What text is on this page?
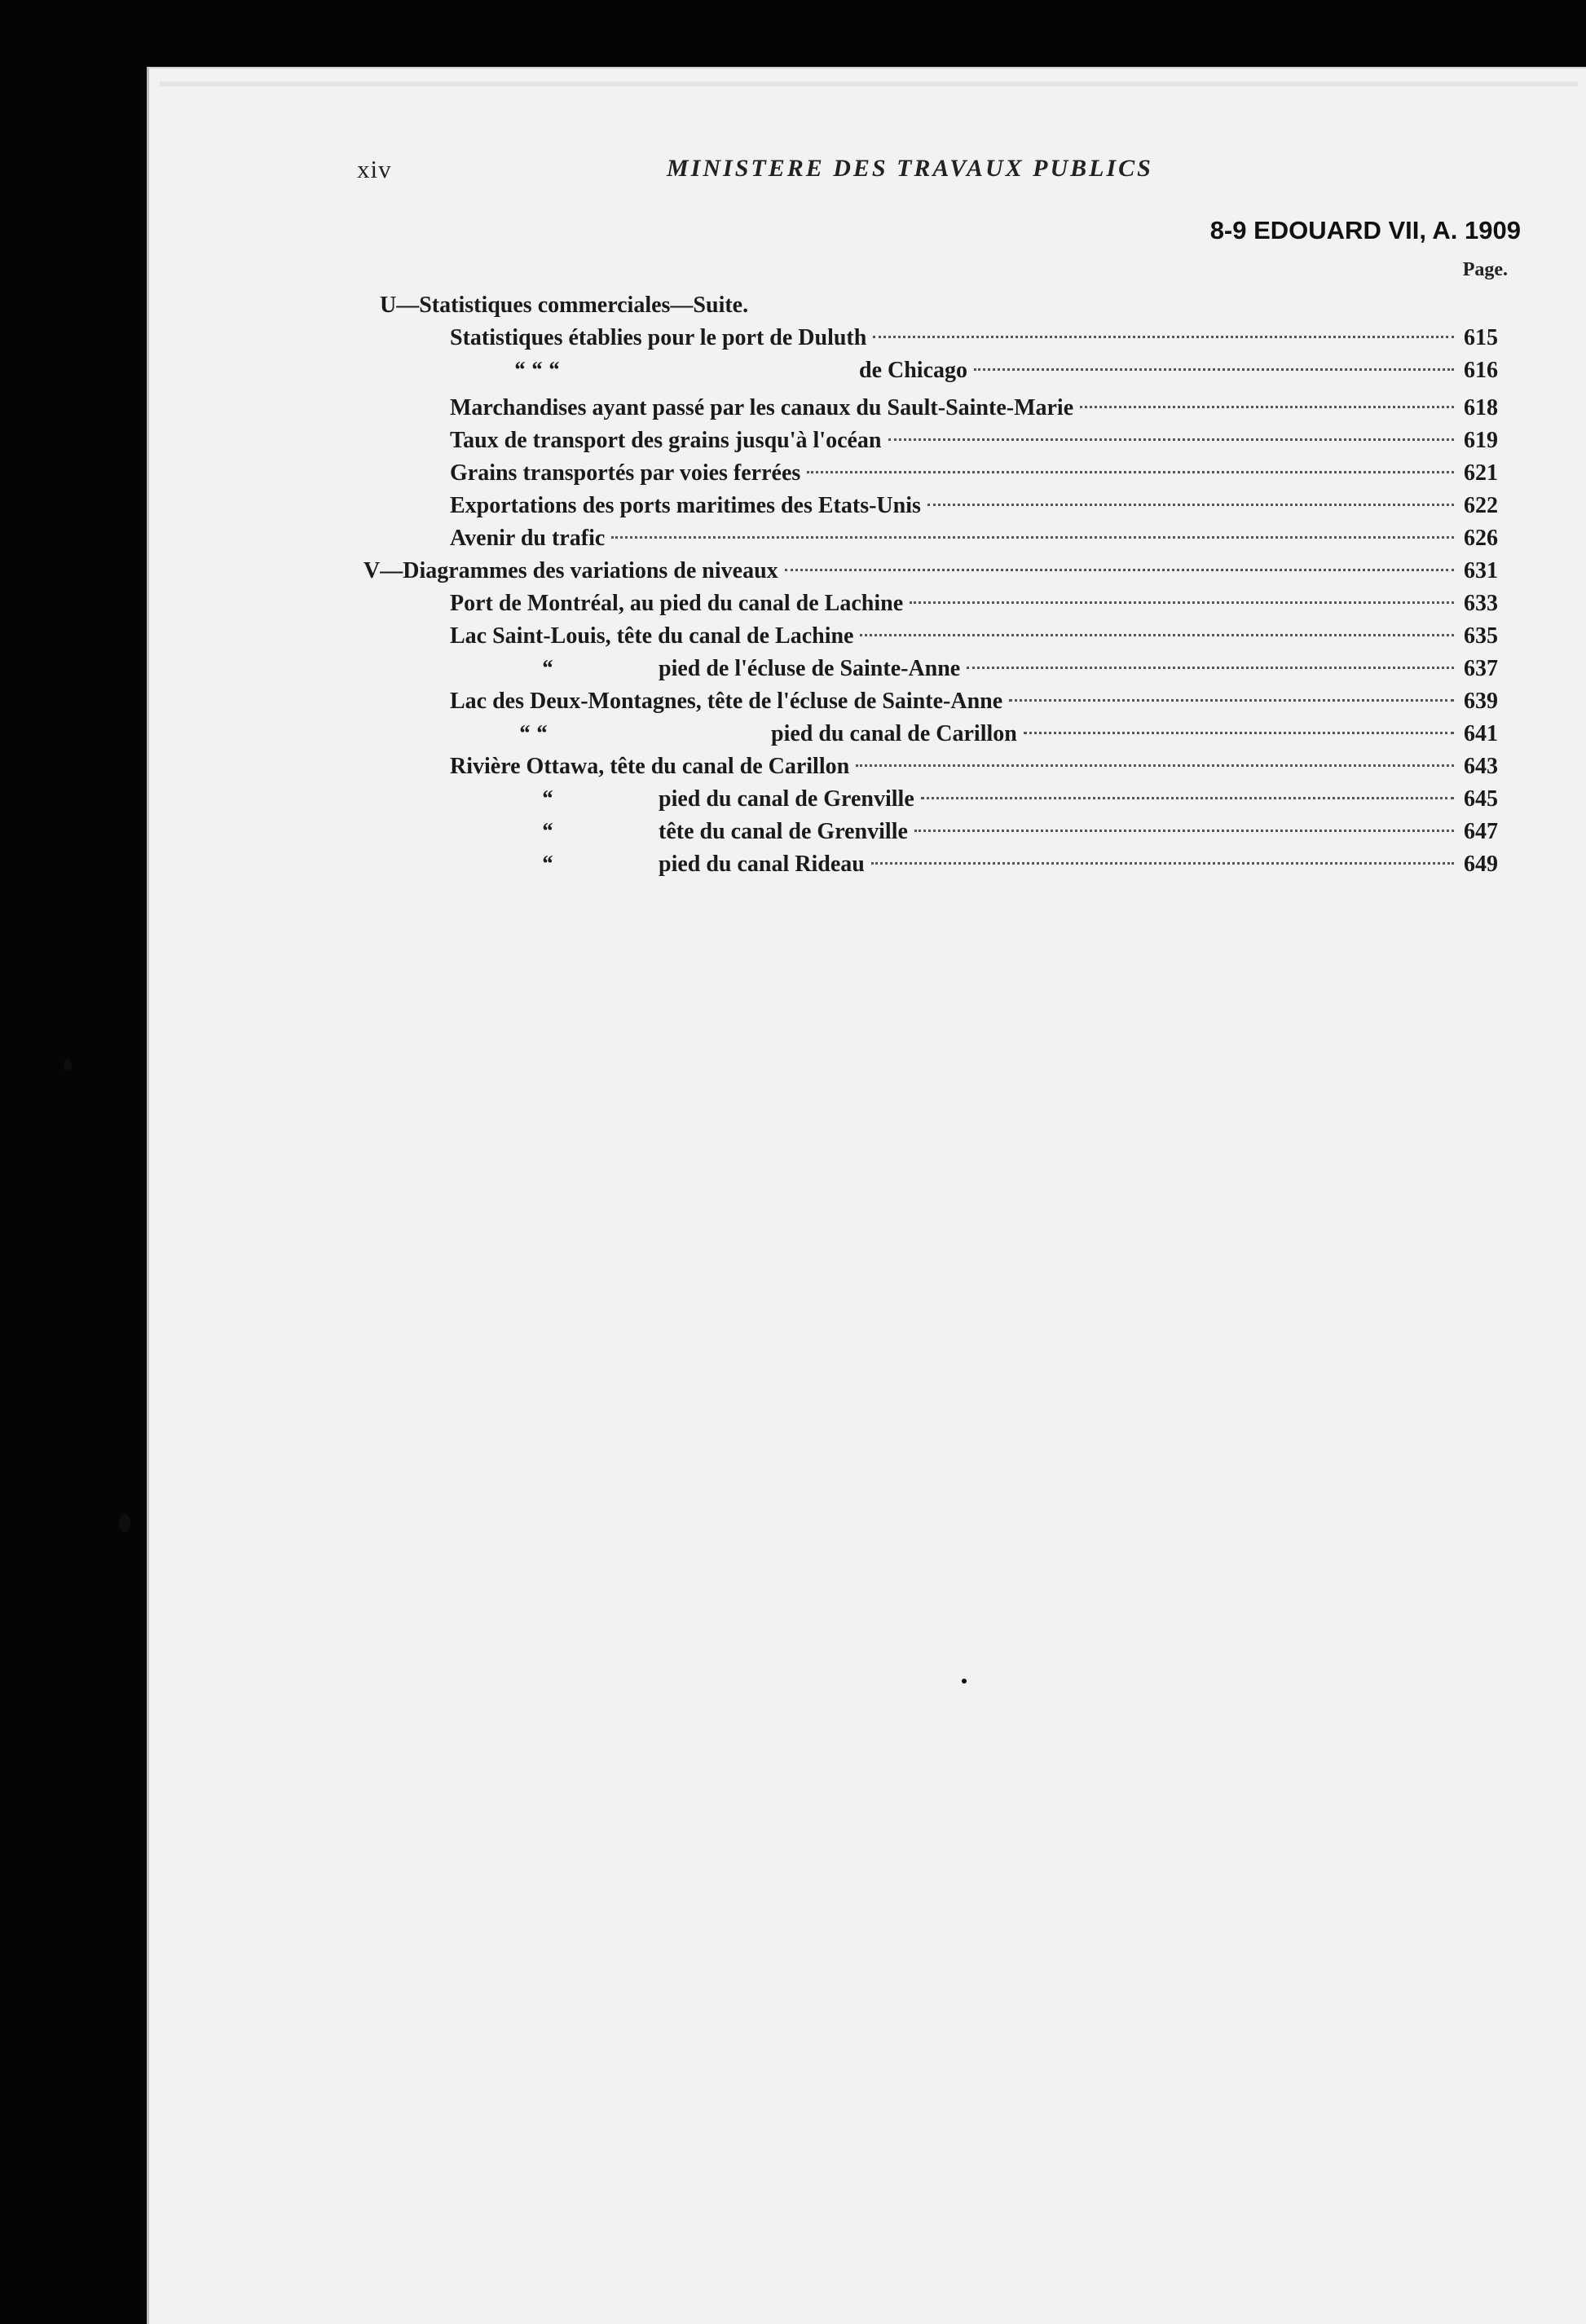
xiv	MINISTERE DES TRAVAUX PUBLICS
8-9 EDOUARD VII, A. 1909
Page.
U—Statistiques commerciales—Suite.
Statistiques établies pour le port de Duluth	615
“ “ “	de Chicago	616
Marchandises ayant passé par les canaux du Sault-Sainte-Marie	618
Taux de transport des grains jusqu'à l'océan	619
Grains transportés par voies ferrées	621
Exportations des ports maritimes des Etats-Unis	622
Avenir du trafic	626
V—Diagrammes des variations de niveaux	631
Port de Montréal, au pied du canal de Lachine	633
Lac Saint-Louis, tête du canal de Lachine	635
“	pied de l'écluse de Sainte-Anne	637
Lac des Deux-Montagnes, tête de l'écluse de Sainte-Anne	639
“ “	pied du canal de Carillon	641
Rivière Ottawa, tête du canal de Carillon	643
“	pied du canal de Grenville	645
“	tête du canal de Grenville	647
“	pied du canal Rideau	649
